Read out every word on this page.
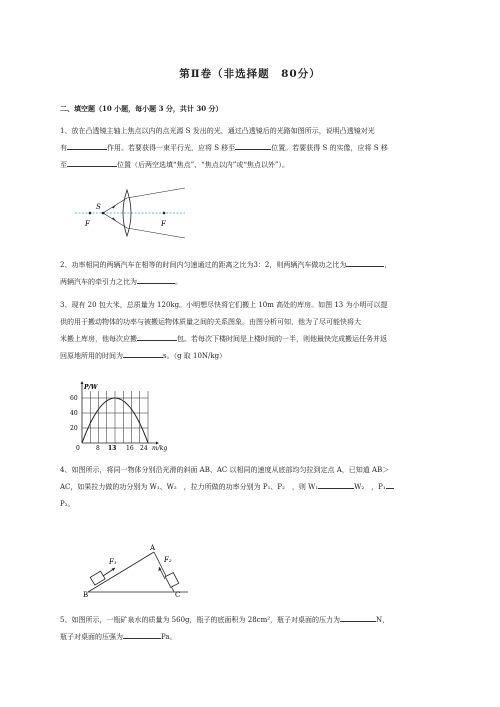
第Ⅱ卷（非选择题　80分）
二、填空题（10 小题，每小题 3 分，共计 30 分）
1、放在凸透镜主轴上焦点以内的点光源 S 发出的光，通过凸透镜后的光路如图所示，说明凸透镜对光
有	作用。若要获得一束平行光，应将 S 移至	位置。若要获得 S 的实像，应将 S 移
至	位置（后两空选填“焦点”、“焦点以内”或“焦点以外”）。
S
F	F
2、功率相同的两辆汽车在相等的时间内匀速通过的距离之比为3：2，则两辆汽车做功之比为	，
两辆汽车的牵引力之比为	。
3、现有 20 包大米，总质量为 120kg。小明想尽快将它们搬上 10m 高处的库房。如图 13 为小明可以提
供的用于搬动物体的功率与被搬运物体质量之间的关系图象。由图分析可知，他为了尽可能快将大
米搬上库房，他每次应搬	包。若每次下楼时间是上楼时间的一半，则他最快完成搬运任务并返
回原地所用的时间为	s。（g 取 10N/kg）
P/W
60
40
20
0	8	16 24
13	m/kg
4、如图所示，将同一物体分别沿光滑的斜面 AB、AC 以相同的速度从底部均匀拉到定点 A，已知道 AB＞
AC，如果拉力做的功分别为 W₁、W₂　，拉力所做的功率分别为 P₁、P₂　，则 W₁	W₂　，P₁
P₂。
A
B	C
F₁	F₂
5、如图所示，一瓶矿泉水的质量为 560g，瓶子的底面积为 28cm²，瓶子对桌面的压力为	N，
瓶子对桌面的压强为	Pa。
